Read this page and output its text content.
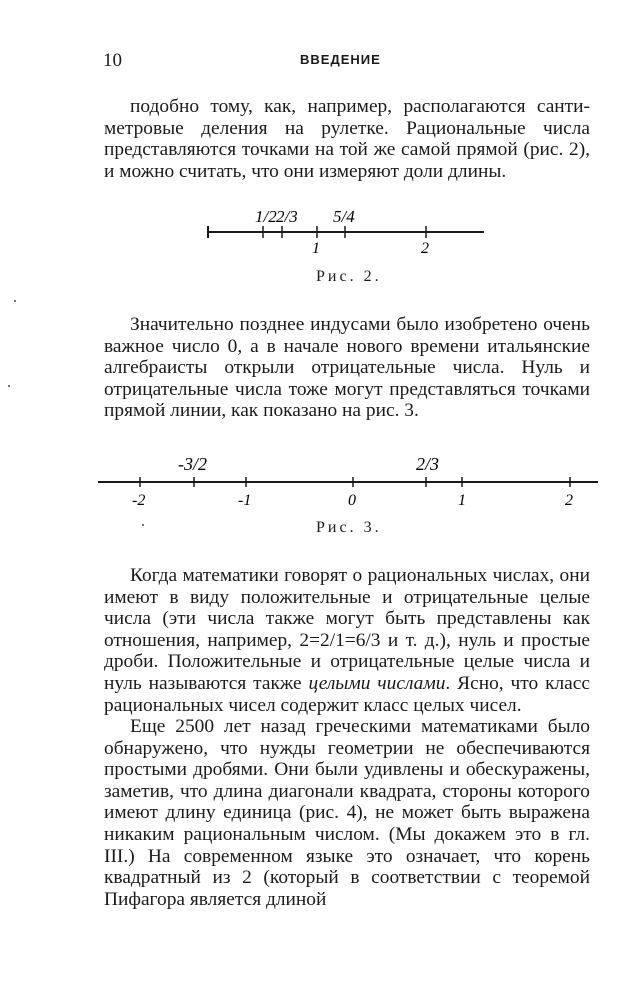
10	ВВЕДЕНИЕ

подобно тому, как, например, располагаются сантиметровые деления на рулетке. Рациональные числа представляются точками на той же самой прямой (рис. 2), и можно считать, что они измеряют доли длины.

1/2 2/3 5/4
1	2
Рис. 2.

Значительно позднее индусами было изобретено очень важное число 0, а в начале нового времени итальянские алгебраисты открыли отрицательные числа. Нуль и отрицательные числа тоже могут представляться точками прямой линии, как показано на рис. 3.

-3/2	2/3
-2	-1	0	1	2
Рис. 3.

Когда математики говорят о рациональных числах, они имеют в виду положительные и отрицательные целые числа (эти числа также могут быть представлены как отношения, например, 2=2/1=6/3 и т. д.), нуль и простые дроби. Положительные и отрицательные целые числа и нуль называются также целыми числами. Ясно, что класс рациональных чисел содержит класс целых чисел.

Еще 2500 лет назад греческими математиками было обнаружено, что нужды геометрии не обеспечиваются простыми дробями. Они были удивлены и обескуражены, заметив, что длина диагонали квадрата, стороны которого имеют длину единица (рис. 4), не может быть выражена никаким рациональным числом. (Мы докажем это в гл. III.) На современном языке это означает, что корень квадратный из 2 (который в соответствии с теоремой Пифагора является длиной
